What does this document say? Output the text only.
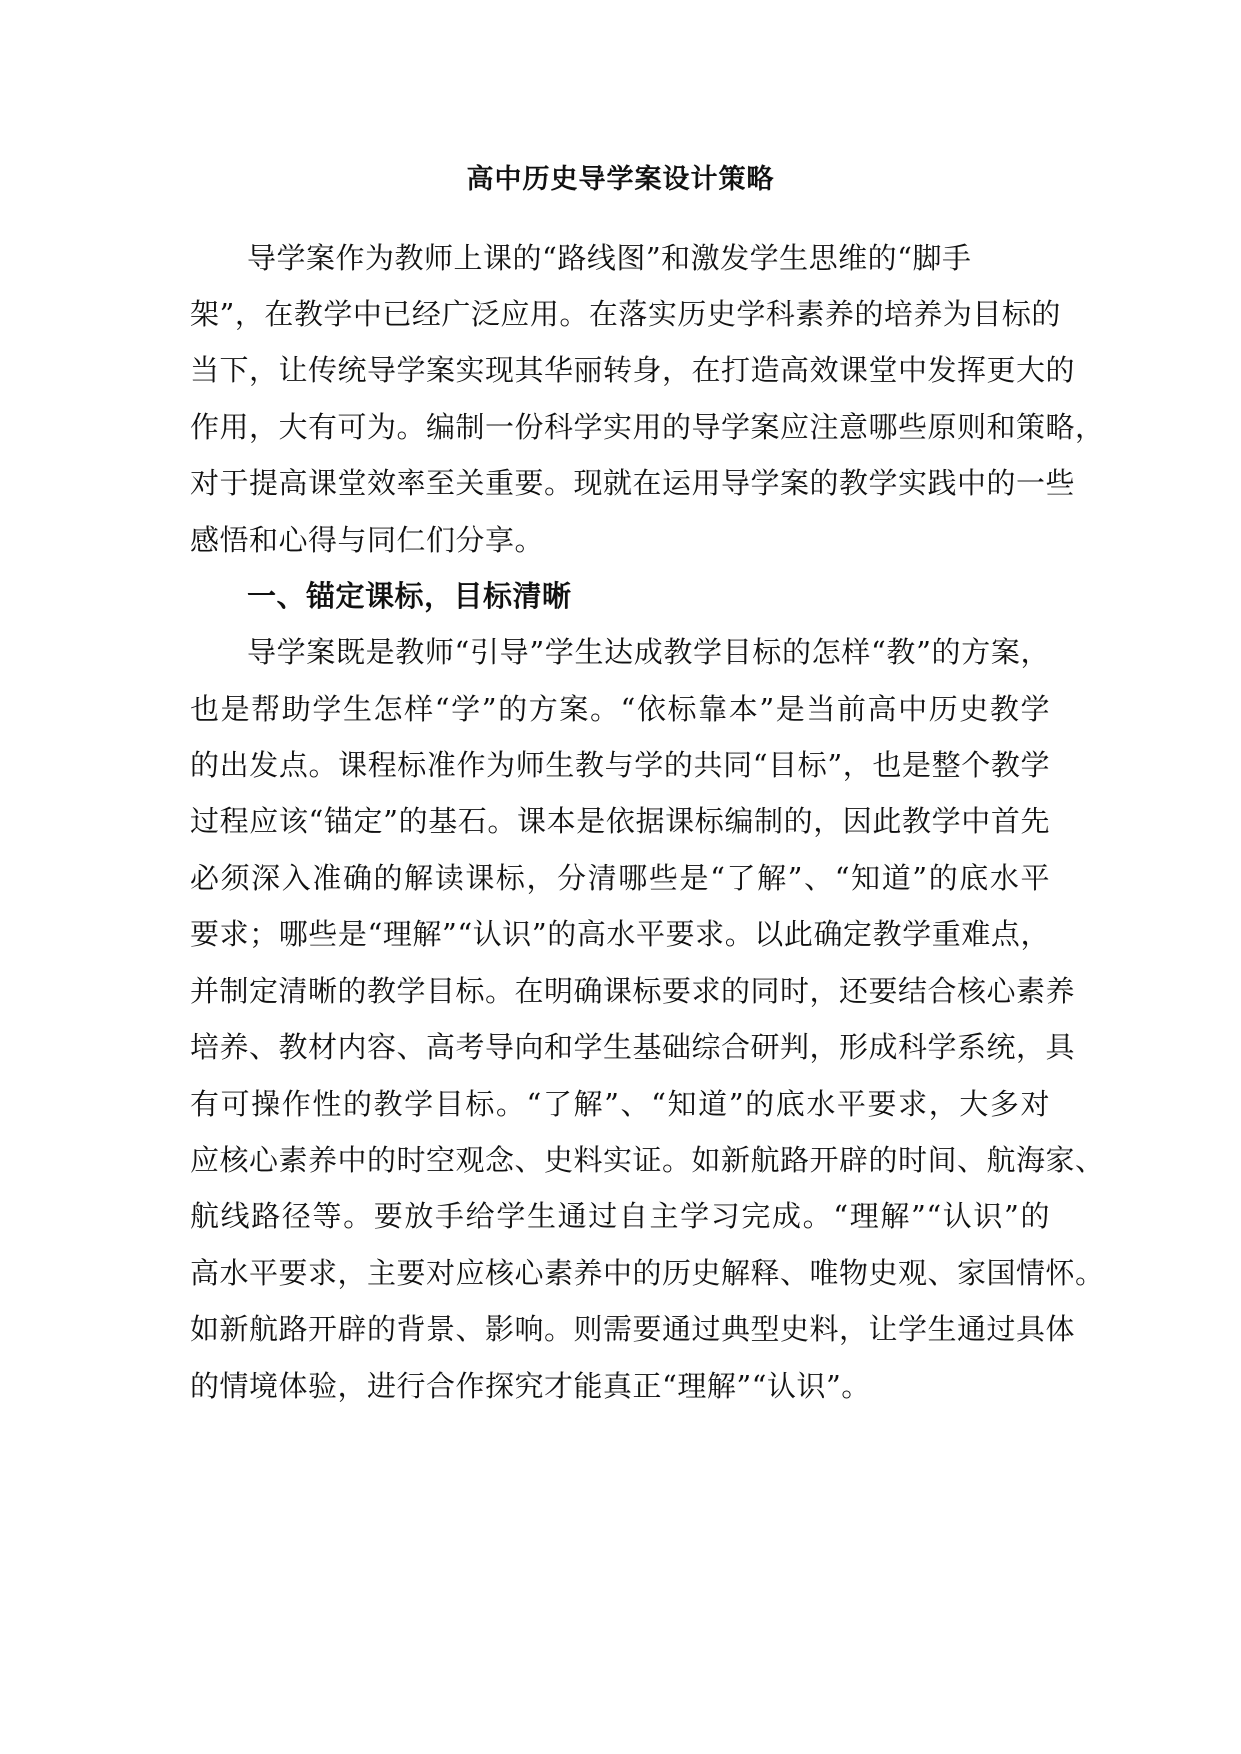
高中历史导学案设计策略
导学案作为教师上课的“路线图”和激发学生思维的“脚手
架”，在教学中已经广泛应用。在落实历史学科素养的培养为目标的
当下，让传统导学案实现其华丽转身，在打造高效课堂中发挥更大的
作用，大有可为。编制一份科学实用的导学案应注意哪些原则和策略，
对于提高课堂效率至关重要。现就在运用导学案的教学实践中的一些
感悟和心得与同仁们分享。
一、锚定课标，目标清晰
导学案既是教师“引导”学生达成教学目标的怎样“教”的方案，
也是帮助学生怎样“学”的方案。“依标靠本”是当前高中历史教学
的出发点。课程标准作为师生教与学的共同“目标”，也是整个教学
过程应该“锚定”的基石。课本是依据课标编制的，因此教学中首先
必须深入准确的解读课标，分清哪些是“了解”、“知道”的底水平
要求；哪些是“理解”“认识”的高水平要求。以此确定教学重难点，
并制定清晰的教学目标。在明确课标要求的同时，还要结合核心素养
培养、教材内容、高考导向和学生基础综合研判，形成科学系统，具
有可操作性的教学目标。“了解”、“知道”的底水平要求，大多对
应核心素养中的时空观念、史料实证。如新航路开辟的时间、航海家、
航线路径等。要放手给学生通过自主学习完成。“理解”“认识”的
高水平要求，主要对应核心素养中的历史解释、唯物史观、家国情怀。
如新航路开辟的背景、影响。则需要通过典型史料，让学生通过具体
的情境体验，进行合作探究才能真正“理解”“认识”。
